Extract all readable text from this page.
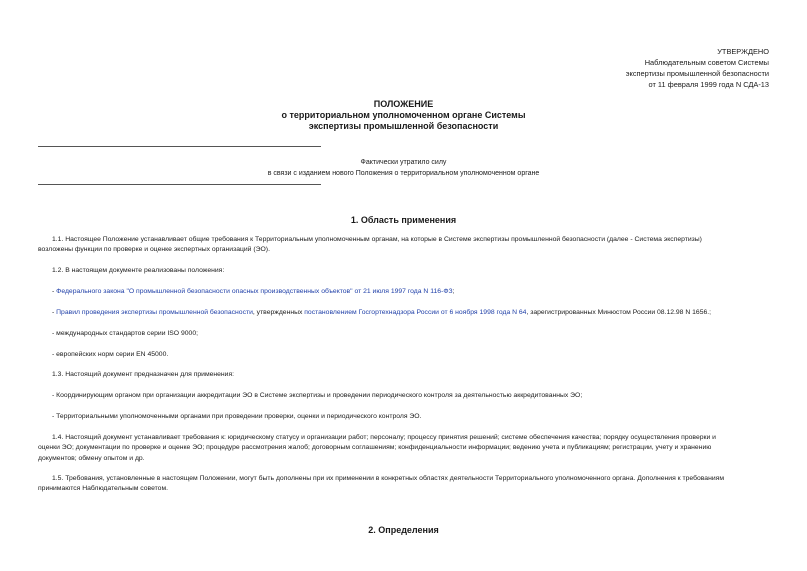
УТВЕРЖДЕНО
Наблюдательным советом Системы
экспертизы промышленной безопасности
от 11 февраля 1999 года N СДА-13
ПОЛОЖЕНИЕ
о территориальном уполномоченном органе Системы
экспертизы промышленной безопасности
Фактически утратило силу
в связи с изданием нового Положения о территориальном уполномоченном органе
1. Область применения
1.1. Настоящее Положение устанавливает общие требования к Территориальным уполномоченным органам, на которые в Системе экспертизы промышленной безопасности (далее - Система экспертизы)
возложены функции по проверке и оценке экспертных организаций (ЭО).
1.2. В настоящем документе реализованы положения:
- Федерального закона "О промышленной безопасности опасных производственных объектов" от 21 июля 1997 года N 116-ФЗ;
- Правил проведения экспертизы промышленной безопасности, утвержденных постановлением Госгортехнадзора России от 6 ноября 1998 года N 64, зарегистрированных Минюстом России 08.12.98 N 1656.;
- международных стандартов серии ISO 9000;
- европейских норм серии EN 45000.
1.3. Настоящий документ предназначен для применения:
- Координирующим органом при организации аккредитации ЭО в Системе экспертизы и проведении периодического контроля за деятельностью аккредитованных ЭО;
- Территориальными уполномоченными органами при проведении проверки, оценки и периодического контроля ЭО.
1.4. Настоящий документ устанавливает требования к: юридическому статусу и организации работ; персоналу; процессу принятия решений; системе обеспечения качества; порядку осуществления проверки и
оценки ЭО; документации по проверке и оценке ЭО; процедуре рассмотрения жалоб; договорным соглашениям; конфиденциальности информации; ведению учета и публикациям; регистрации, учету и хранению
документов; обмену опытом и др.
1.5. Требования, установленные в настоящем Положении, могут быть дополнены при их применении в конкретных областях деятельности Территориального уполномоченного органа. Дополнения к требованиям
принимаются Наблюдательным советом.
2. Определения
